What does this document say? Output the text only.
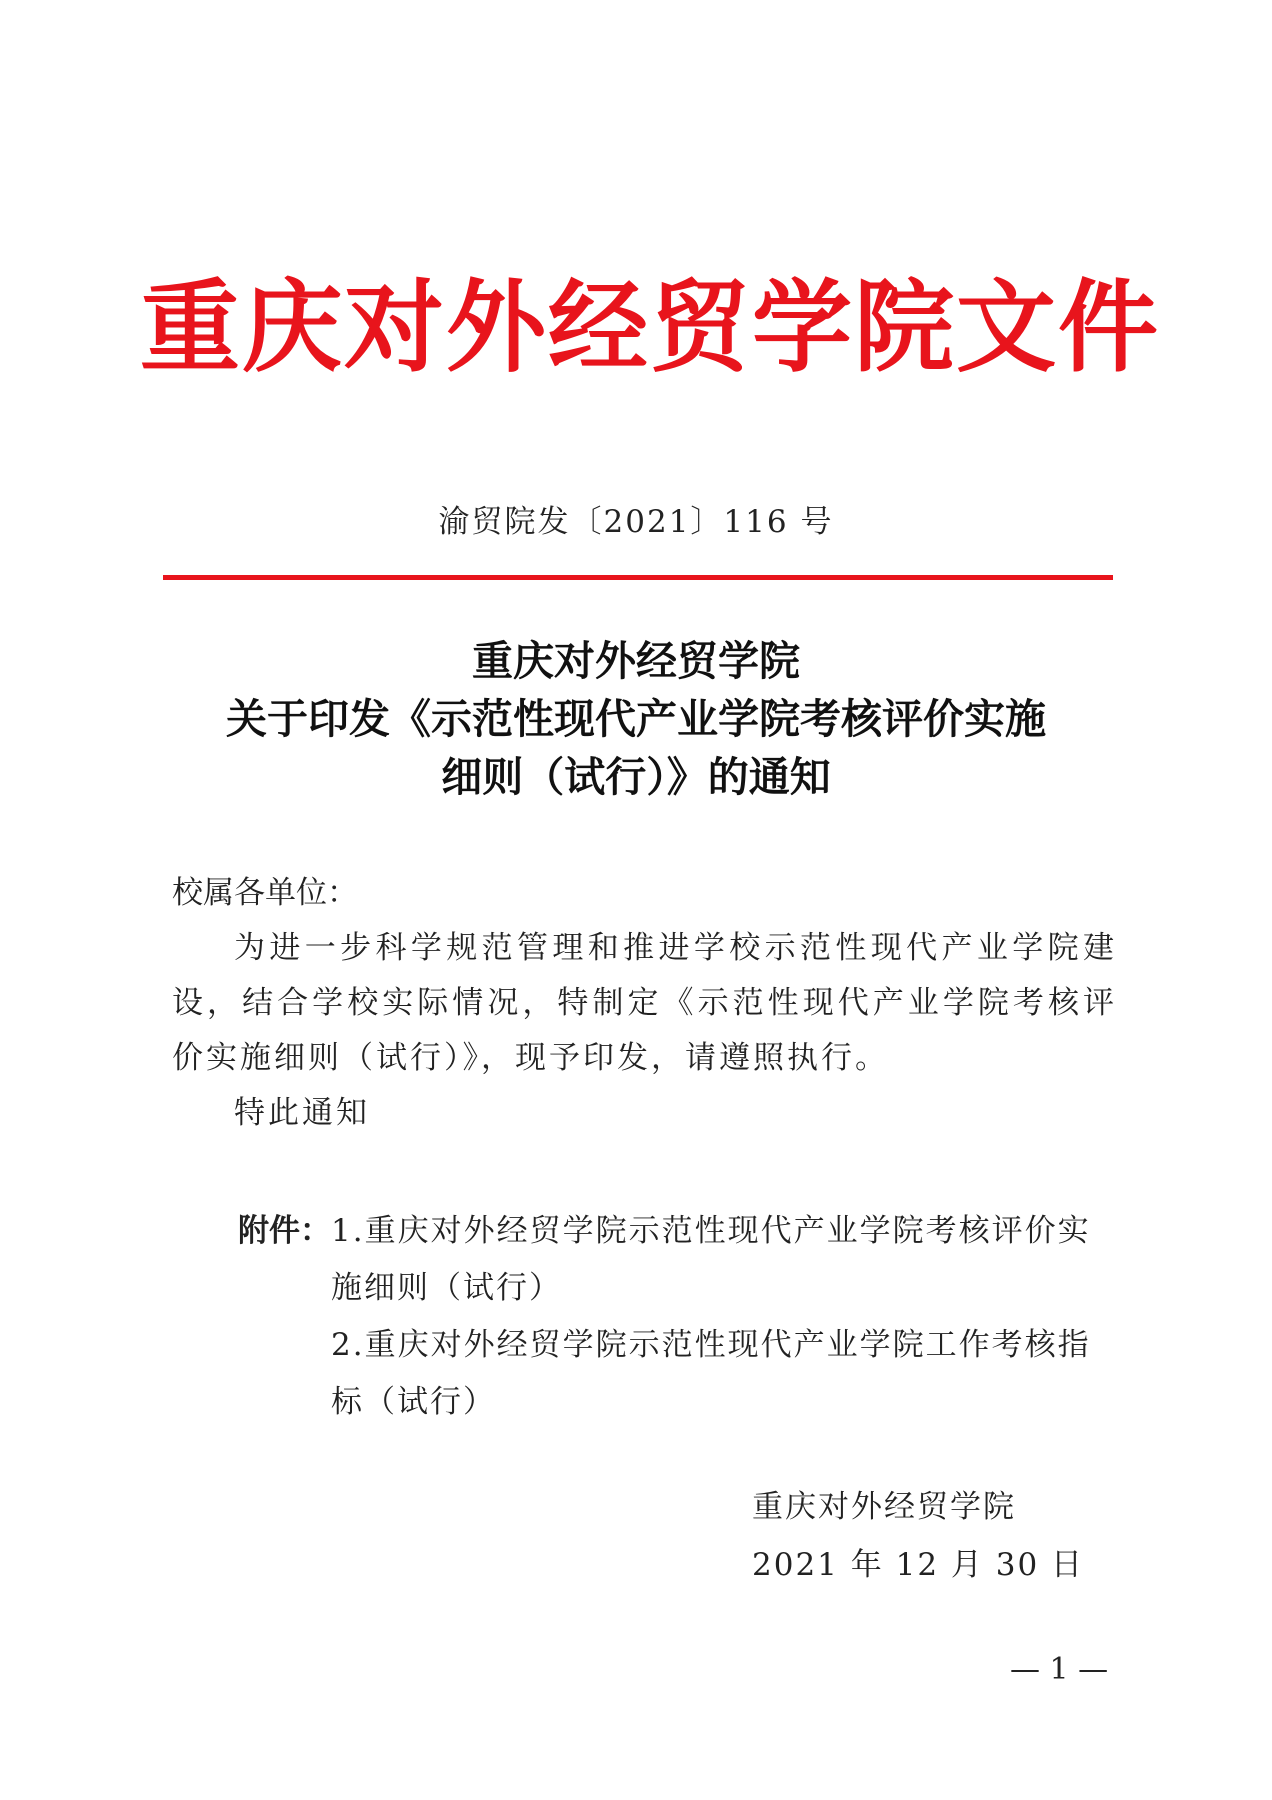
重庆对外经贸学院文件
渝贸院发〔2021〕116 号
重庆对外经贸学院
关于印发《示范性现代产业学院考核评价实施
细则（试行）》的通知
校属各单位：
为进一步科学规范管理和推进学校示范性现代产业学院建设，结合学校实际情况，特制定《示范性现代产业学院考核评价实施细则（试行）》，现予印发，请遵照执行。
特此通知
附件： 1.重庆对外经贸学院示范性现代产业学院考核评价实施细则（试行）
2.重庆对外经贸学院示范性现代产业学院工作考核指标（试行）
重庆对外经贸学院
2021 年 12 月 30 日
— 1 —
